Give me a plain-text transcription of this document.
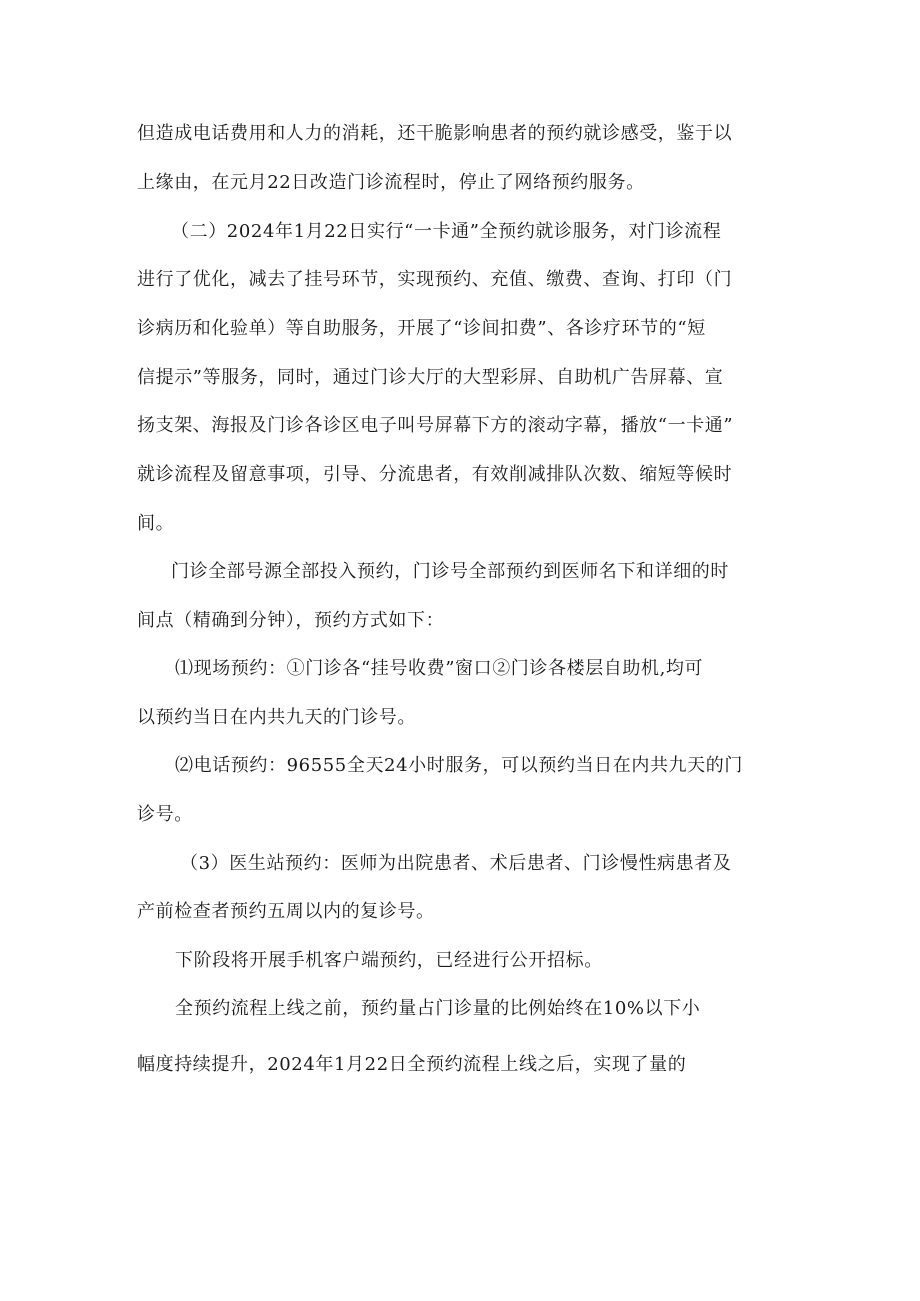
但造成电话费用和人力的消耗，还干脆影响患者的预约就诊感受，鉴于以
上缘由，在元月22日改造门诊流程时，停止了网络预约服务。
（二）2024年1月22日实行“一卡通”全预约就诊服务，对门诊流程
进行了优化，减去了挂号环节，实现预约、充值、缴费、查询、打印（门
诊病历和化验单）等自助服务，开展了“诊间扣费”、各诊疗环节的“短
信提示”等服务，同时，通过门诊大厅的大型彩屏、自助机广告屏幕、宣
扬支架、海报及门诊各诊区电子叫号屏幕下方的滚动字幕，播放“一卡通”
就诊流程及留意事项，引导、分流患者，有效削减排队次数、缩短等候时
间。
门诊全部号源全部投入预约，门诊号全部预约到医师名下和详细的时
间点（精确到分钟），预约方式如下：
⑴现场预约：①门诊各“挂号收费”窗口②门诊各楼层自助机,均可
以预约当日在内共九天的门诊号。
⑵电话预约：96555全天24小时服务，可以预约当日在内共九天的门
诊号。
（3）医生站预约：医师为出院患者、术后患者、门诊慢性病患者及
产前检查者预约五周以内的复诊号。
下阶段将开展手机客户端预约，已经进行公开招标。
全预约流程上线之前，预约量占门诊量的比例始终在10%以下小
幅度持续提升，2024年1月22日全预约流程上线之后，实现了量的
